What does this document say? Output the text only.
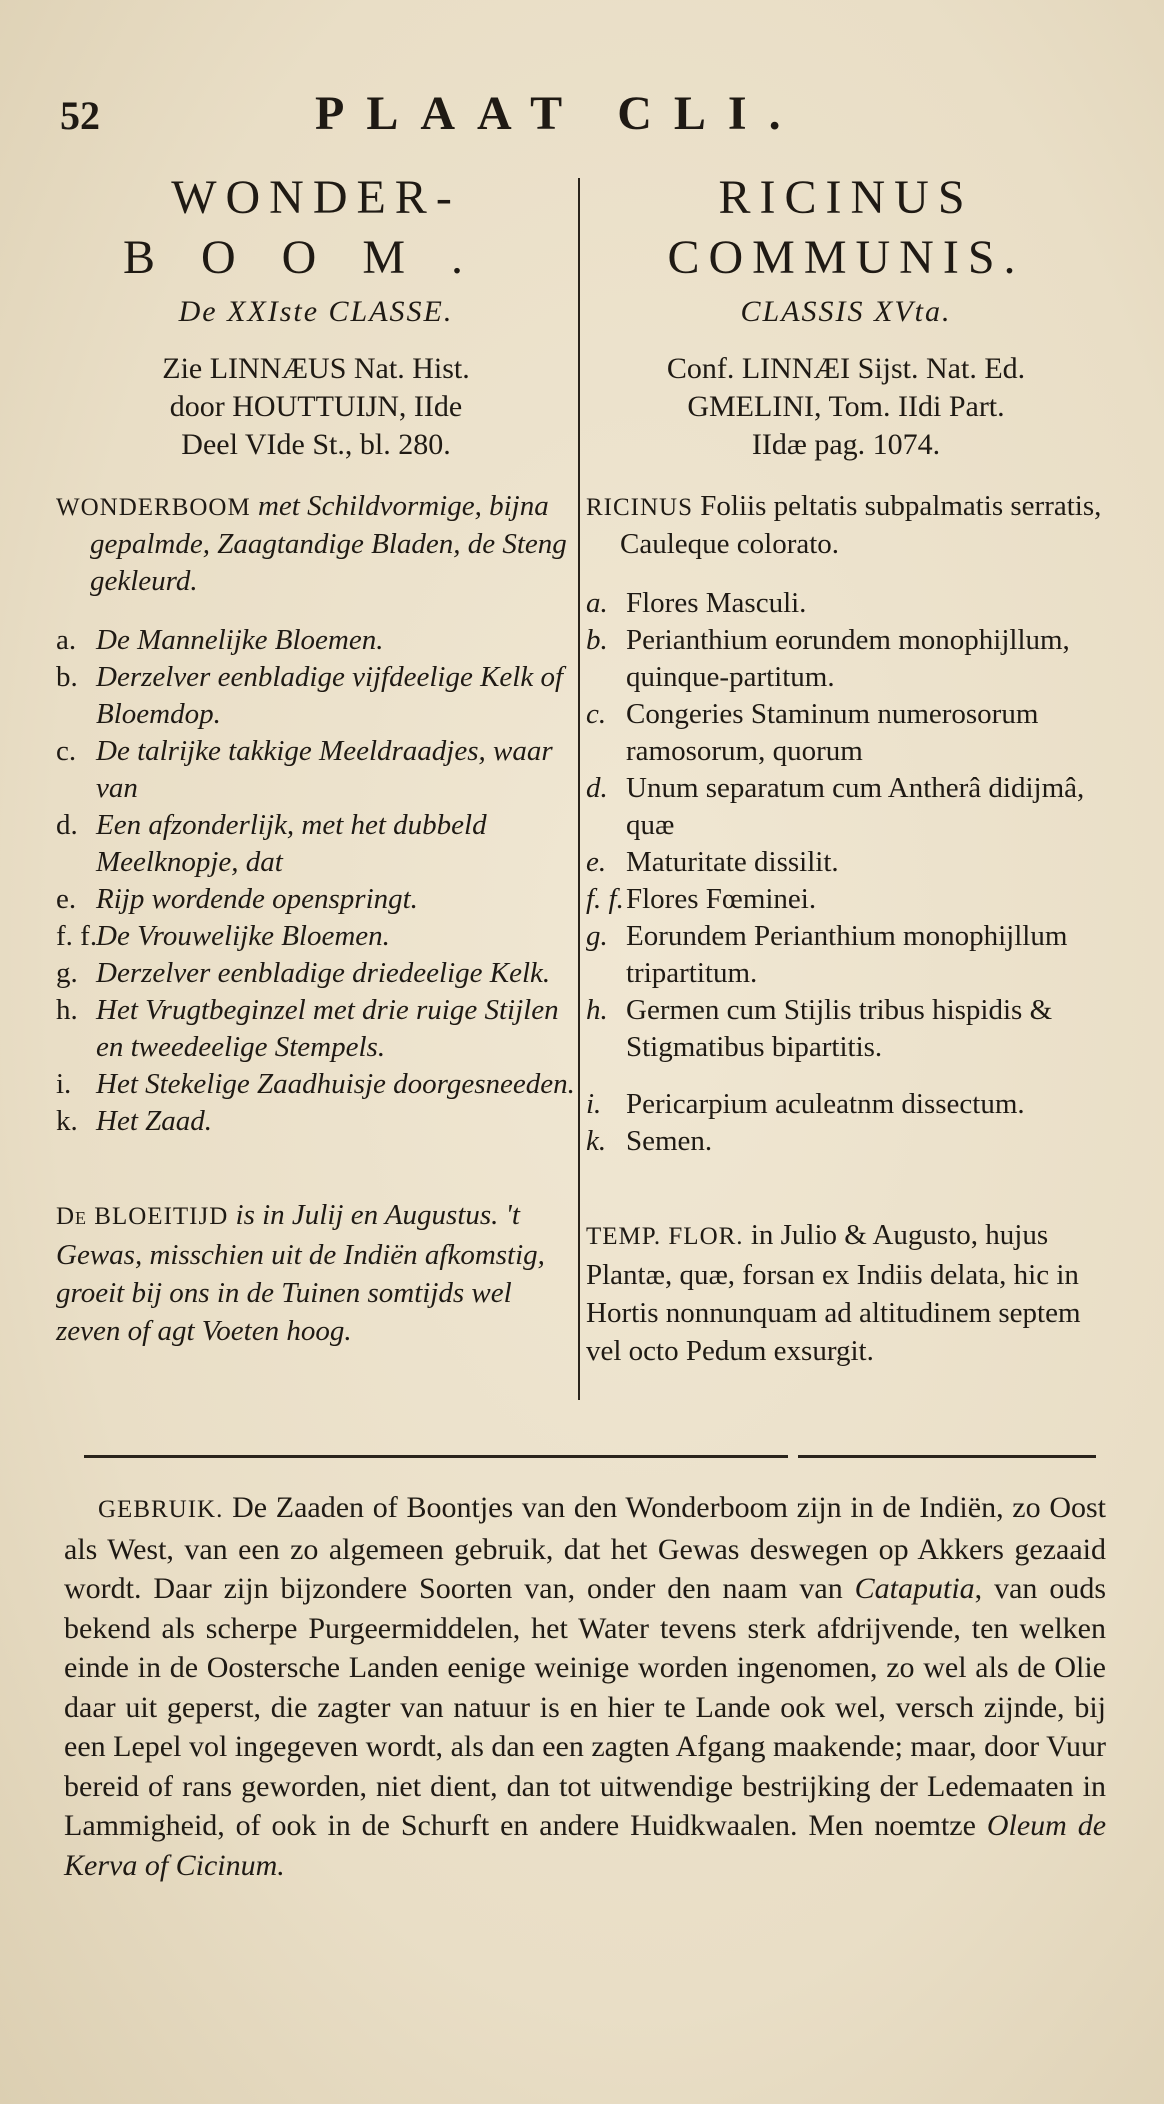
52	PLAAT CLI.
WONDER-
BOOM.
De XXIste CLASSE.
Zie LINNÆUS Nat. Hist.
door HOUTTUIJN, IIde
Deel VIde St., bl. 280.
WONDERBOOM met Schildvormige, bijna gepalmde, Zaagtandige Bladen, de Steng gekleurd.
a. De Mannelijke Bloemen.
b. Derzelver eenbladige vijfdeelige Kelk of Bloemdop.
c. De talrijke takkige Meeldraadjes, waar van
d. Een afzonderlijk, met het dubbeld Meelknopje, dat
e. Rijp wordende openspringt.
f. f.
De Vrouwelijke Bloemen.
g. Derzelver eenbladige driedeelige Kelk.
h. Het Vrugtbeginzel met drie ruige Stijlen en tweedeelige Stempels.
i. Het Stekelige Zaadhuisje doorgesneeden.
k. Het Zaad.
De BLOEITIJD is in Julij en Augustus. 't Gewas, misschien uit de Indiën afkomstig, groeit bij ons in de Tuinen somtijds wel zeven of agt Voeten hoog.
RICINUS
COMMUNIS.
CLASSIS XVta.
Conf. LINNÆI Sijst. Nat. Ed.
GMELINI, Tom. IIdi Part.
IIdæ pag. 1074.
RICINUS Foliis peltatis subpalmatis serratis, Cauleque colorato.
a. Flores Masculi.
b. Perianthium eorundem monophijllum, quinque-partitum.
c. Congeries Staminum numerosorum ramosorum, quorum
d. Unum separatum cum Antherâ didijmâ, quæ
e. Maturitate dissilit.
f. f. Flores Fœminei.
g. Eorundem Perianthium monophijllum tripartitum.
h. Germen cum Stijlis tribus hispidis & Stigmatibus bipartitis.
i. Pericarpium aculeatnm dissectum.
k. Semen.
TEMP. FLOR. in Julio & Augusto, hujus Plantæ, quæ, forsan ex Indiis delata, hic in Hortis nonnunquam ad altitudinem septem vel octo Pedum exsurgit.
GEBRUIK. De Zaaden of Boontjes van den Wonderboom zijn in de Indiën, zo Oost als West, van een zo algemeen gebruik, dat het Gewas deswegen op Akkers gezaaid wordt. Daar zijn bijzondere Soorten van, onder den naam van Cataputia, van ouds bekend als scherpe Purgeermiddelen, het Water tevens sterk afdrijvende, ten welken einde in de Oostersche Landen eenige weinige worden ingenomen, zo wel als de Olie daar uit geperst, die zagter van natuur is en hier te Lande ook wel, versch zijnde, bij een Lepel vol ingegeven wordt, als dan een zagten Afgang maakende; maar, door Vuur bereid of rans geworden, niet dient, dan tot uitwendige bestrijking der Ledemaaten in Lammigheid, of ook in de Schurft en andere Huidkwaalen. Men noemtze Oleum de Kerva of Cicinum.
